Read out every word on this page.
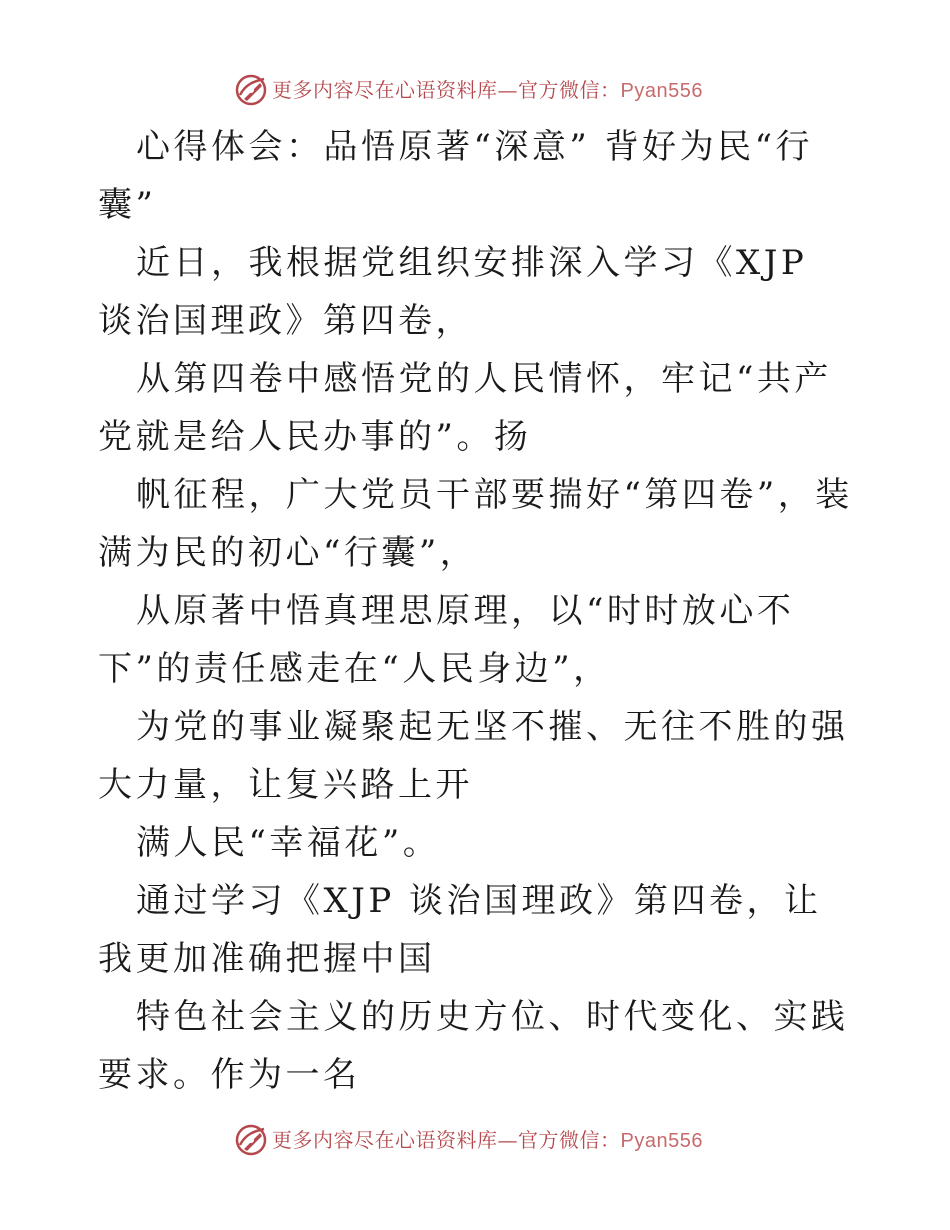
更多内容尽在心语资料库—官方微信：Pyan556

心得体会：品悟原著“深意” 背好为民“行囊”

近日，我根据党组织安排深入学习《XJP 谈治国理政》第四卷，

从第四卷中感悟党的人民情怀，牢记“共产党就是给人民办事的”。扬

帆征程，广大党员干部要揣好“第四卷”，装满为民的初心“行囊”，

从原著中悟真理思原理，以“时时放心不下”的责任感走在“人民身边”，

为党的事业凝聚起无坚不摧、无往不胜的强大力量，让复兴路上开

满人民“幸福花”。

通过学习《XJP 谈治国理政》第四卷，让我更加准确把握中国

特色社会主义的历史方位、时代变化、实践要求。作为一名

更多内容尽在心语资料库—官方微信：Pyan556
